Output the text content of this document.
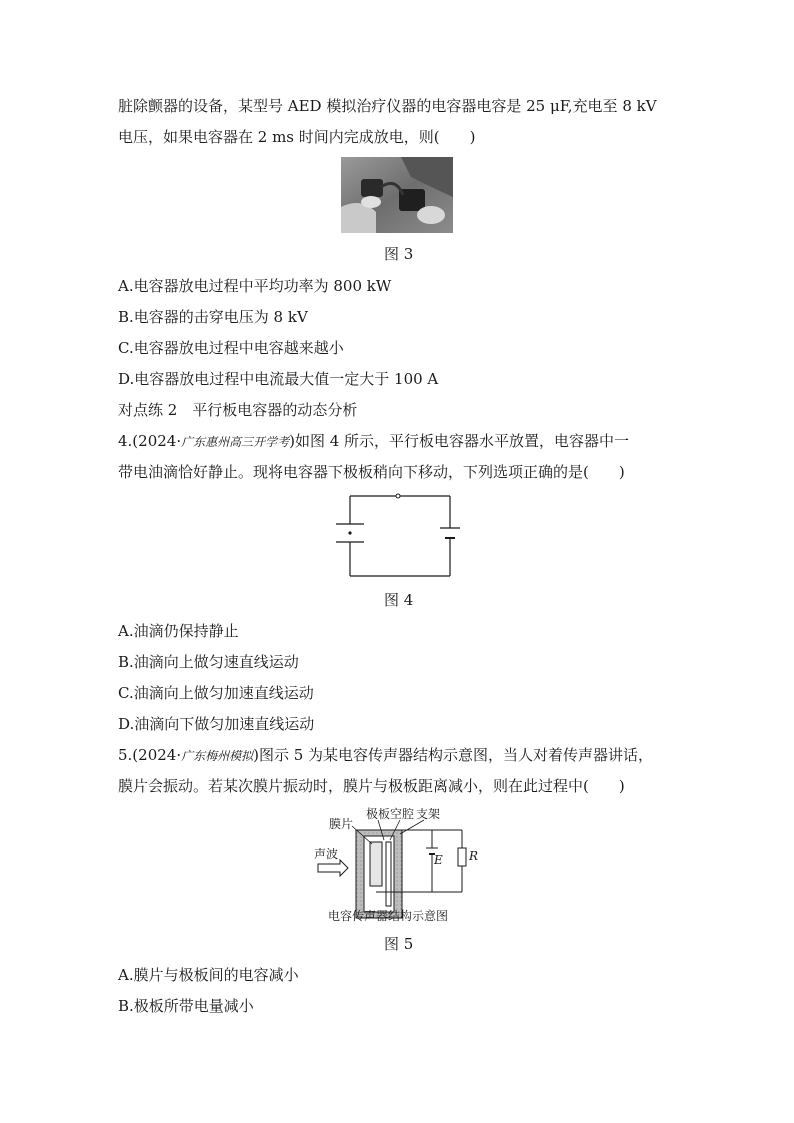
脏除颤器的设备，某型号 AED 模拟治疗仪器的电容器电容是 25 μF,充电至 8 kV
电压，如果电容器在 2 ms 时间内完成放电，则(　　)
图 3
A.电容器放电过程中平均功率为 800 kW
B.电容器的击穿电压为 8 kV
C.电容器放电过程中电容越来越小
D.电容器放电过程中电流最大值一定大于 100 A
对点练 2　平行板电容器的动态分析
4.(2024·广东惠州高三开学考)如图 4 所示，平行板电容器水平放置，电容器中一
带电油滴恰好静止。现将电容器下极板稍向下移动，下列选项正确的是(　　)
图 4
A.油滴仍保持静止
B.油滴向上做匀速直线运动
C.油滴向上做匀加速直线运动
D.油滴向下做匀加速直线运动
5.(2024·广东梅州模拟)图示 5 为某电容传声器结构示意图，当人对着传声器讲话，
膜片会振动。若某次膜片振动时，膜片与极板距离减小，则在此过程中(　　)
膜片
极板 空腔 支架
声波	E R
电容传声器结构示意图
图 5
A.膜片与极板间的电容减小
B.极板所带电量减小
